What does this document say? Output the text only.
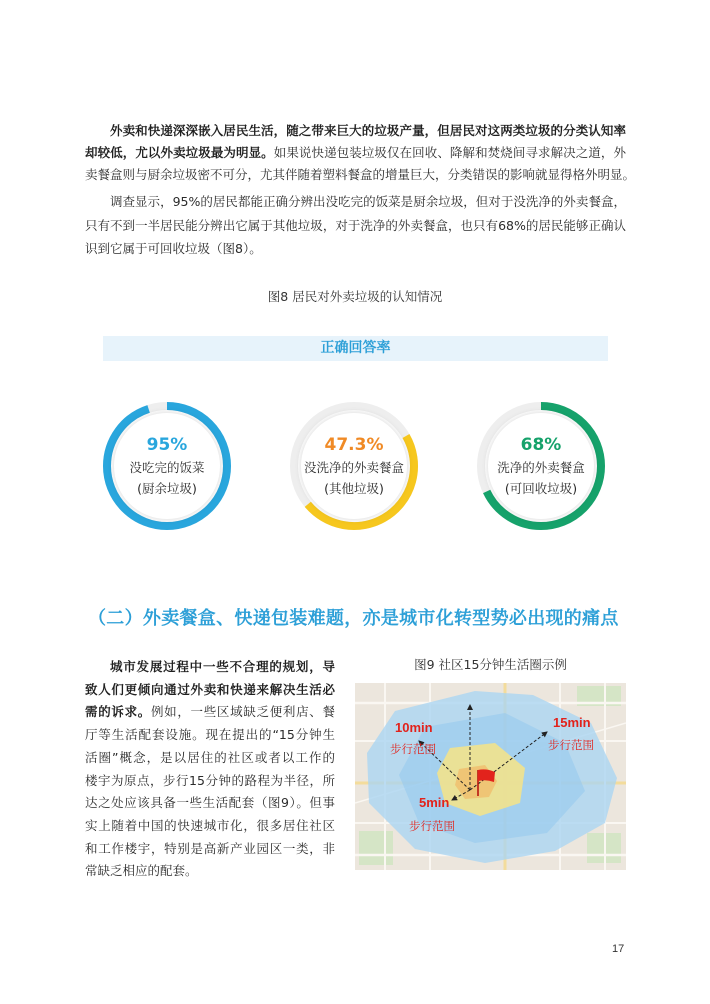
外卖和快递深深嵌入居民生活，随之带来巨大的垃圾产量，但居民对这两类垃圾的分类认知率
却较低，尤以外卖垃圾最为明显。如果说快递包装垃圾仅在回收、降解和焚烧间寻求解决之道，外
卖餐盒则与厨余垃圾密不可分，尤其伴随着塑料餐盒的增量巨大，分类错误的影响就显得格外明显。
调查显示，95%的居民都能正确分辨出没吃完的饭菜是厨余垃圾，但对于没洗净的外卖餐盒，
只有不到一半居民能分辨出它属于其他垃圾，对于洗净的外卖餐盒，也只有68%的居民能够正确认
识到它属于可回收垃圾（图8）。
图8 居民对外卖垃圾的认知情况
正确回答率
95%
没吃完的饭菜
(厨余垃圾)
47.3%
没洗净的外卖餐盒
(其他垃圾)
68%
洗净的外卖餐盒
(可回收垃圾)
（二）外卖餐盒、快递包装难题，亦是城市化转型势必出现的痛点
城市发展过程中一些不合理的规划，导
致人们更倾向通过外卖和快递来解决生活必
需的诉求。例如，一些区域缺乏便利店、餐
厅等生活配套设施。现在提出的“15分钟生
活圈”概念，是以居住的社区或者以工作的
楼宇为原点，步行15分钟的路程为半径，所
达之处应该具备一些生活配套（图9）。但事
实上随着中国的快速城市化，很多居住社区
和工作楼宇，特别是高新产业园区一类，非
常缺乏相应的配套。
图9 社区15分钟生活圈示例
10min
步行范围
15min
步行范围
5min
步行范围
17
